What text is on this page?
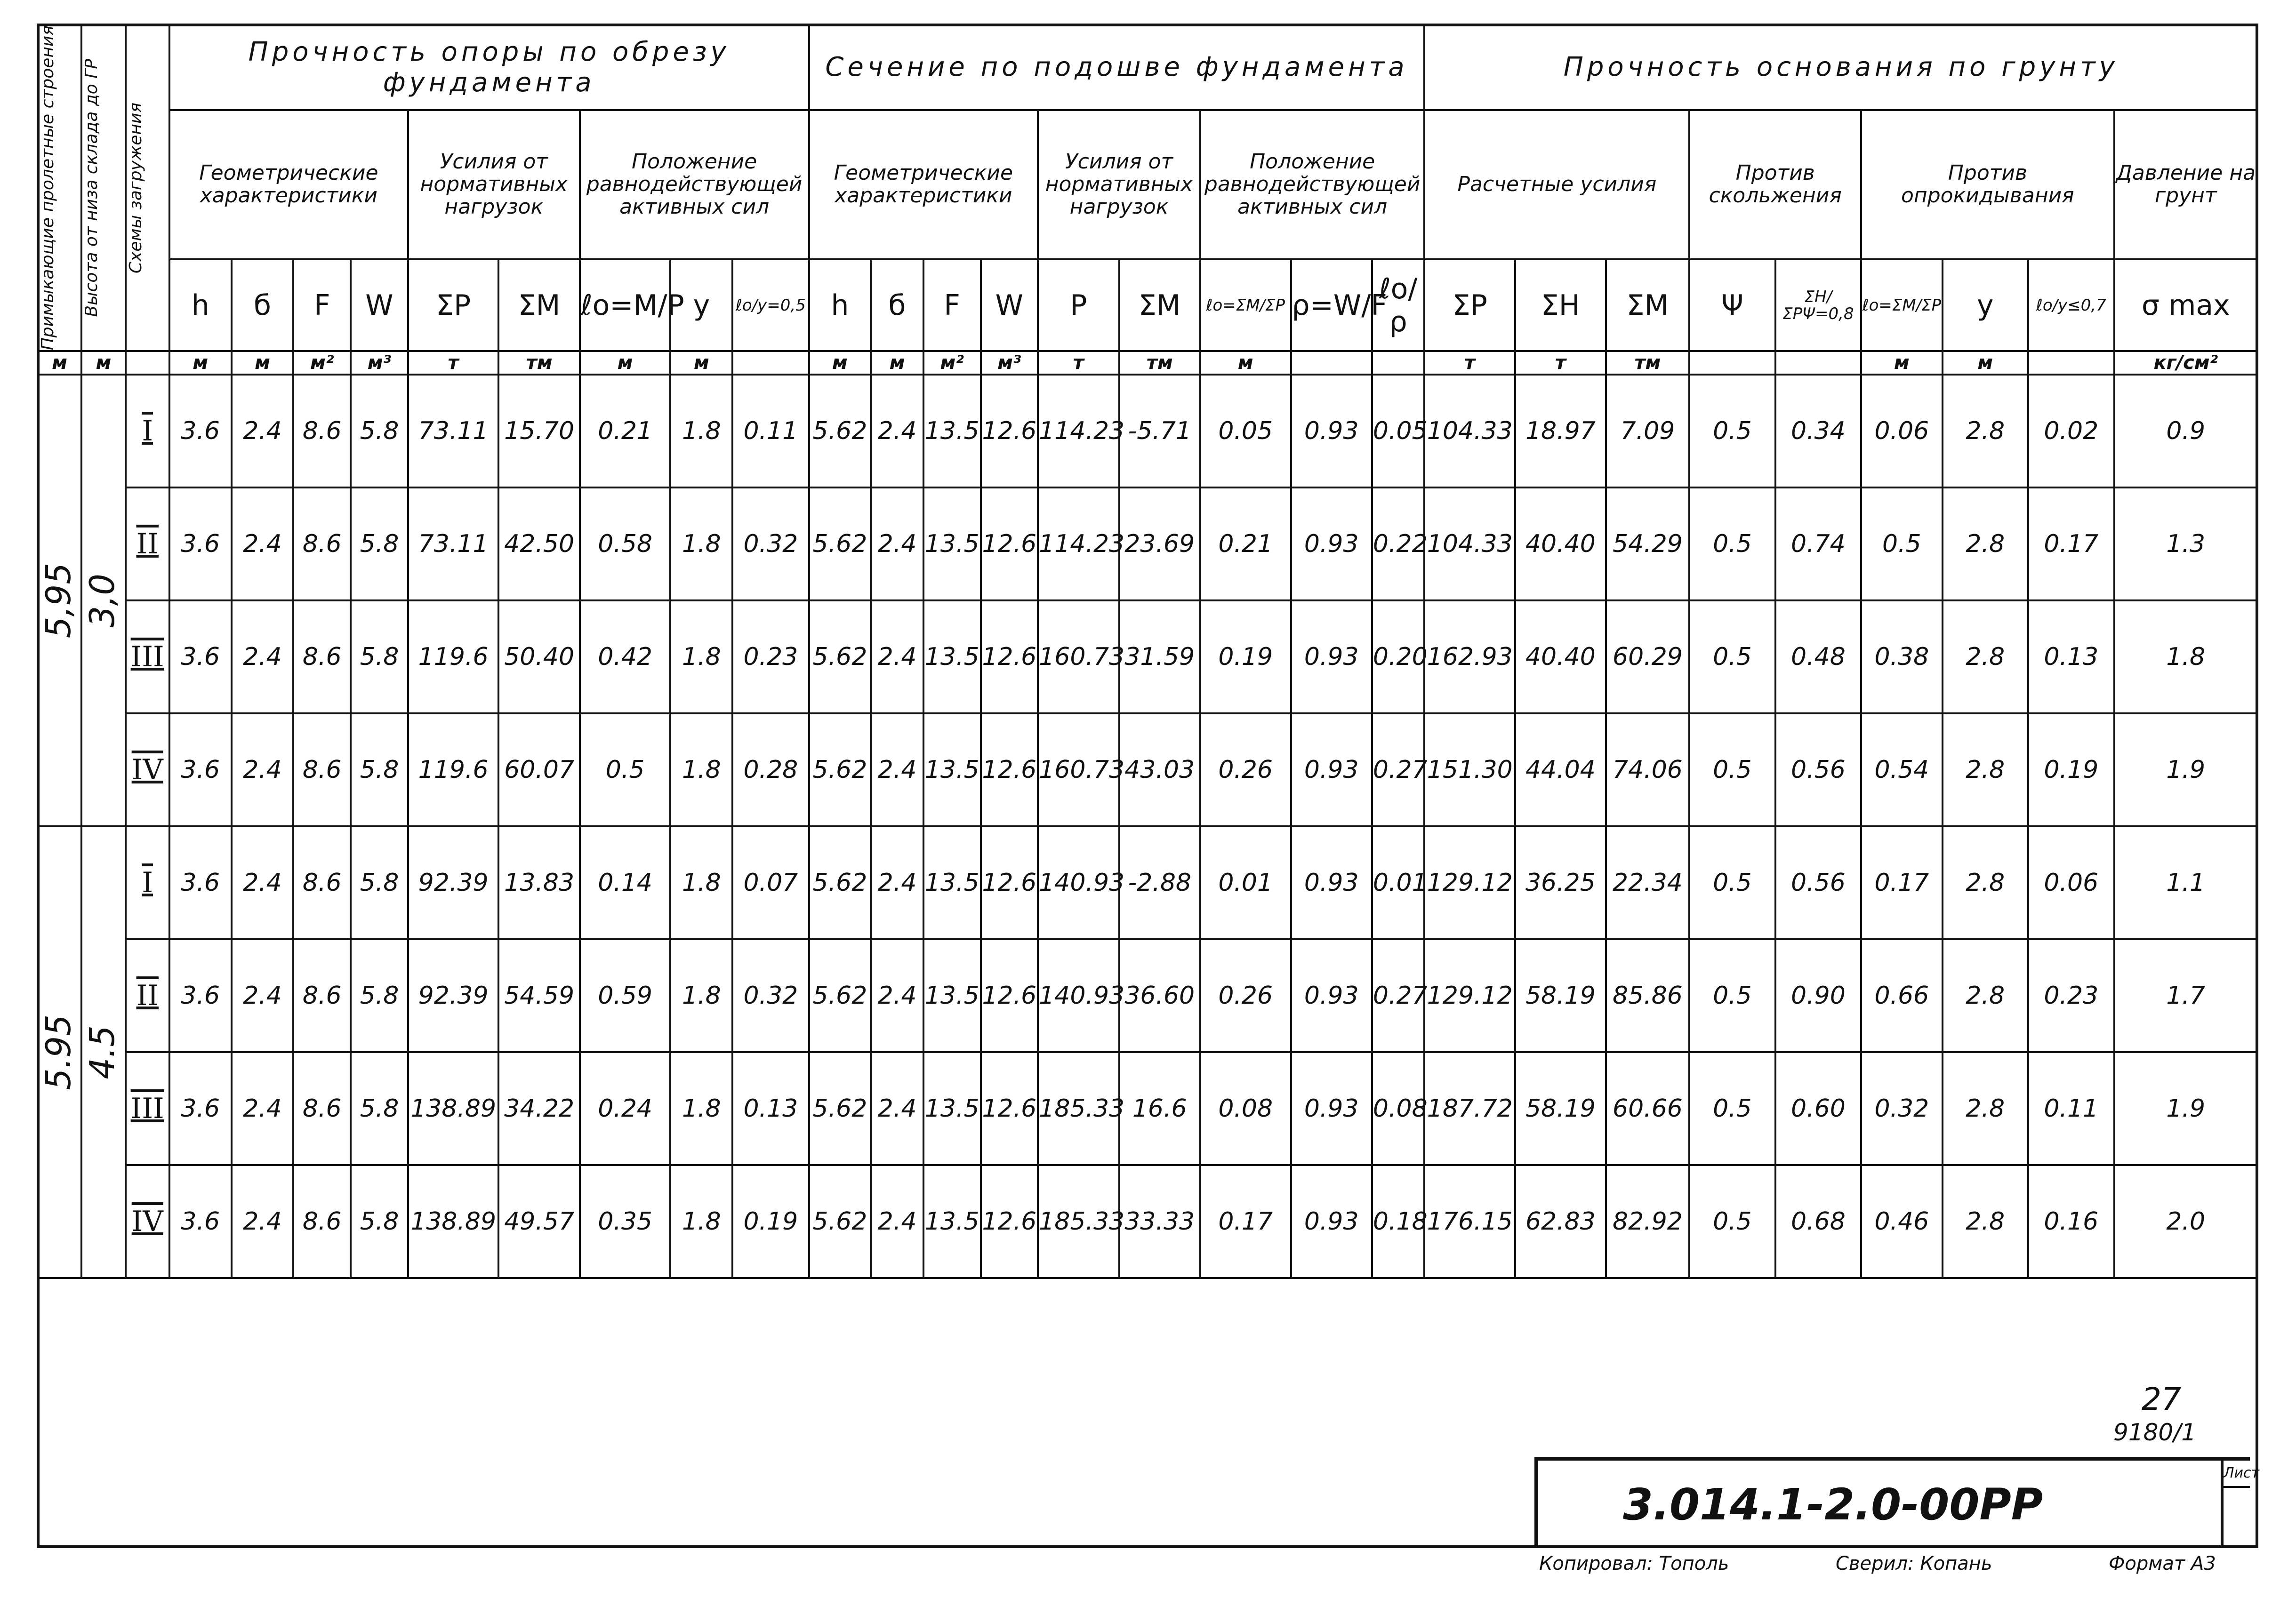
Примыкающие пролетные строения	Высота от низа склада до ГР	Схемы загружения	Прочность опоры по обрезу фундамента									Сечение по подошве фундамента									Прочность основания по грунту								
			Геометрические характеристики				Усилия от нормативных нагрузок		Положение равнодействующей активных сил			Геометрические характеристики				Усилия от нормативных нагрузок		Положение равнодействующей активных сил			Расчетные усилия			Против скольжения		Против опрокидывания			Давление на грунт
			h	б	F	W	ΣP	ΣM	ℓo=M/P	y	ℓo/y=0,5	h	б	F	W	P	ΣM	ℓo=ΣM/ΣP	ρ=W/F	ℓo/ρ	ΣP	ΣH	ΣM	Ψ	ΣH/ΣPΨ=0,8	ℓo=ΣM/ΣP	y	ℓo/y≤0,7	σ max
м	м		м	м	м²	м³	т	тм	м	м		м	м	м²	м³	т	тм	м			т	т	тм			м	м		кг/см²

5,95	3,0	I	3.6	2.4	8.6	5.8	73.11	15.70	0.21	1.8	0.11	5.62	2.4	13.5	12.6	114.23	-5.71	0.05	0.93	0.05	104.33	18.97	7.09	0.5	0.34	0.06	2.8	0.02	0.9
		II	3.6	2.4	8.6	5.8	73.11	42.50	0.58	1.8	0.32	5.62	2.4	13.5	12.6	114.23	23.69	0.21	0.93	0.22	104.33	40.40	54.29	0.5	0.74	0.5	2.8	0.17	1.3
		III	3.6	2.4	8.6	5.8	119.6	50.40	0.42	1.8	0.23	5.62	2.4	13.5	12.6	160.73	31.59	0.19	0.93	0.20	162.93	40.40	60.29	0.5	0.48	0.38	2.8	0.13	1.8
		IV	3.6	2.4	8.6	5.8	119.6	60.07	0.5	1.8	0.28	5.62	2.4	13.5	12.6	160.73	43.03	0.26	0.93	0.27	151.30	44.04	74.06	0.5	0.56	0.54	2.8	0.19	1.9

5.95	4.5	I	3.6	2.4	8.6	5.8	92.39	13.83	0.14	1.8	0.07	5.62	2.4	13.5	12.6	140.93	-2.88	0.01	0.93	0.01	129.12	36.25	22.34	0.5	0.56	0.17	2.8	0.06	1.1
		II	3.6	2.4	8.6	5.8	92.39	54.59	0.59	1.8	0.32	5.62	2.4	13.5	12.6	140.93	36.60	0.26	0.93	0.27	129.12	58.19	85.86	0.5	0.90	0.66	2.8	0.23	1.7
		III	3.6	2.4	8.6	5.8	138.89	34.22	0.24	1.8	0.13	5.62	2.4	13.5	12.6	185.33	16.6	0.08	0.93	0.08	187.72	58.19	60.66	0.5	0.60	0.32	2.8	0.11	1.9
		IV	3.6	2.4	8.6	5.8	138.89	49.57	0.35	1.8	0.19	5.62	2.4	13.5	12.6	185.33	33.33	0.17	0.93	0.18	176.15	62.83	82.92	0.5	0.68	0.46	2.8	0.16	2.0
27
9180/1
3.014.1-2.0-00PP
Лист
Копировал: Тополь	Сверил: Копань	Формат А3
